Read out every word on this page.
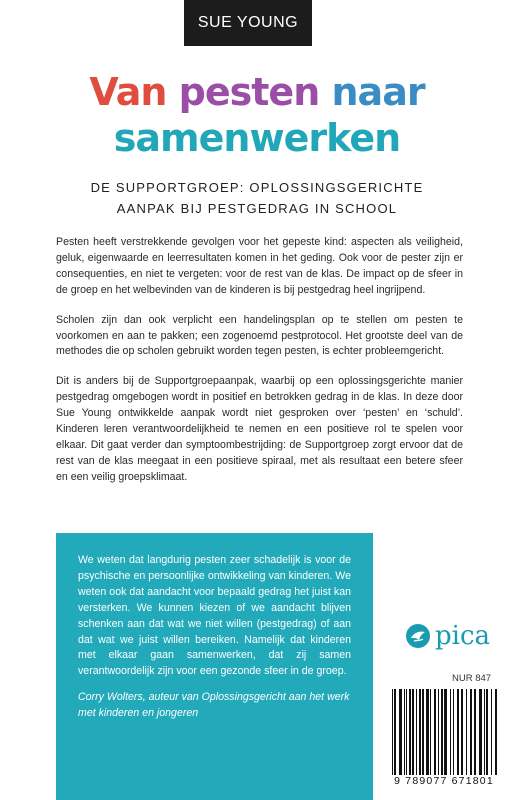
SUE YOUNG
Van pesten naar
samenwerken
DE SUPPORTGROEP: OPLOSSINGSGERICHTE
AANPAK BIJ PESTGEDRAG IN SCHOOL

Pesten heeft verstrekkende gevolgen voor het gepeste kind: aspecten als veiligheid, geluk, eigenwaarde en leerresultaten komen in het geding. Ook voor de pester zijn er consequenties, en niet te vergeten: voor de rest van de klas. De impact op de sfeer in de groep en het welbevinden van de kinderen is bij pestgedrag heel ingrijpend.

Scholen zijn dan ook verplicht een handelingsplan op te stellen om pesten te voorkomen en aan te pakken; een zogenoemd pestprotocol. Het grootste deel van de methodes die op scholen gebruikt worden tegen pesten, is echter probleemgericht.

Dit is anders bij de Supportgroepaanpak, waarbij op een oplossingsgerichte manier pestgedrag omgebogen wordt in positief en betrokken gedrag in de klas. In deze door Sue Young ontwikkelde aanpak wordt niet gesproken over ‘pesten’ en ‘schuld’. Kinderen leren verantwoordelijkheid te nemen en een positieve rol te spelen voor elkaar. Dit gaat verder dan symptoombestrijding: de Supportgroep zorgt ervoor dat de rest van de klas meegaat in een positieve spiraal, met als resultaat een betere sfeer en een veilig groepsklimaat.

We weten dat langdurig pesten zeer schadelijk is voor de psychische en persoonlijke ontwikkeling van kinderen. We weten ook dat aandacht voor bepaald gedrag het juist kan versterken. We kunnen kiezen of we aandacht blijven schenken aan dat wat we niet willen (pestgedrag) of aan dat wat we juist willen bereiken. Namelijk dat kinderen met elkaar gaan samenwerken, dat zij samen verantwoordelijk zijn voor een gezonde sfeer in de groep.

Corry Wolters, auteur van Oplossingsgericht aan het werk met kinderen en jongeren

pica
NUR 847
9 789077 671801
